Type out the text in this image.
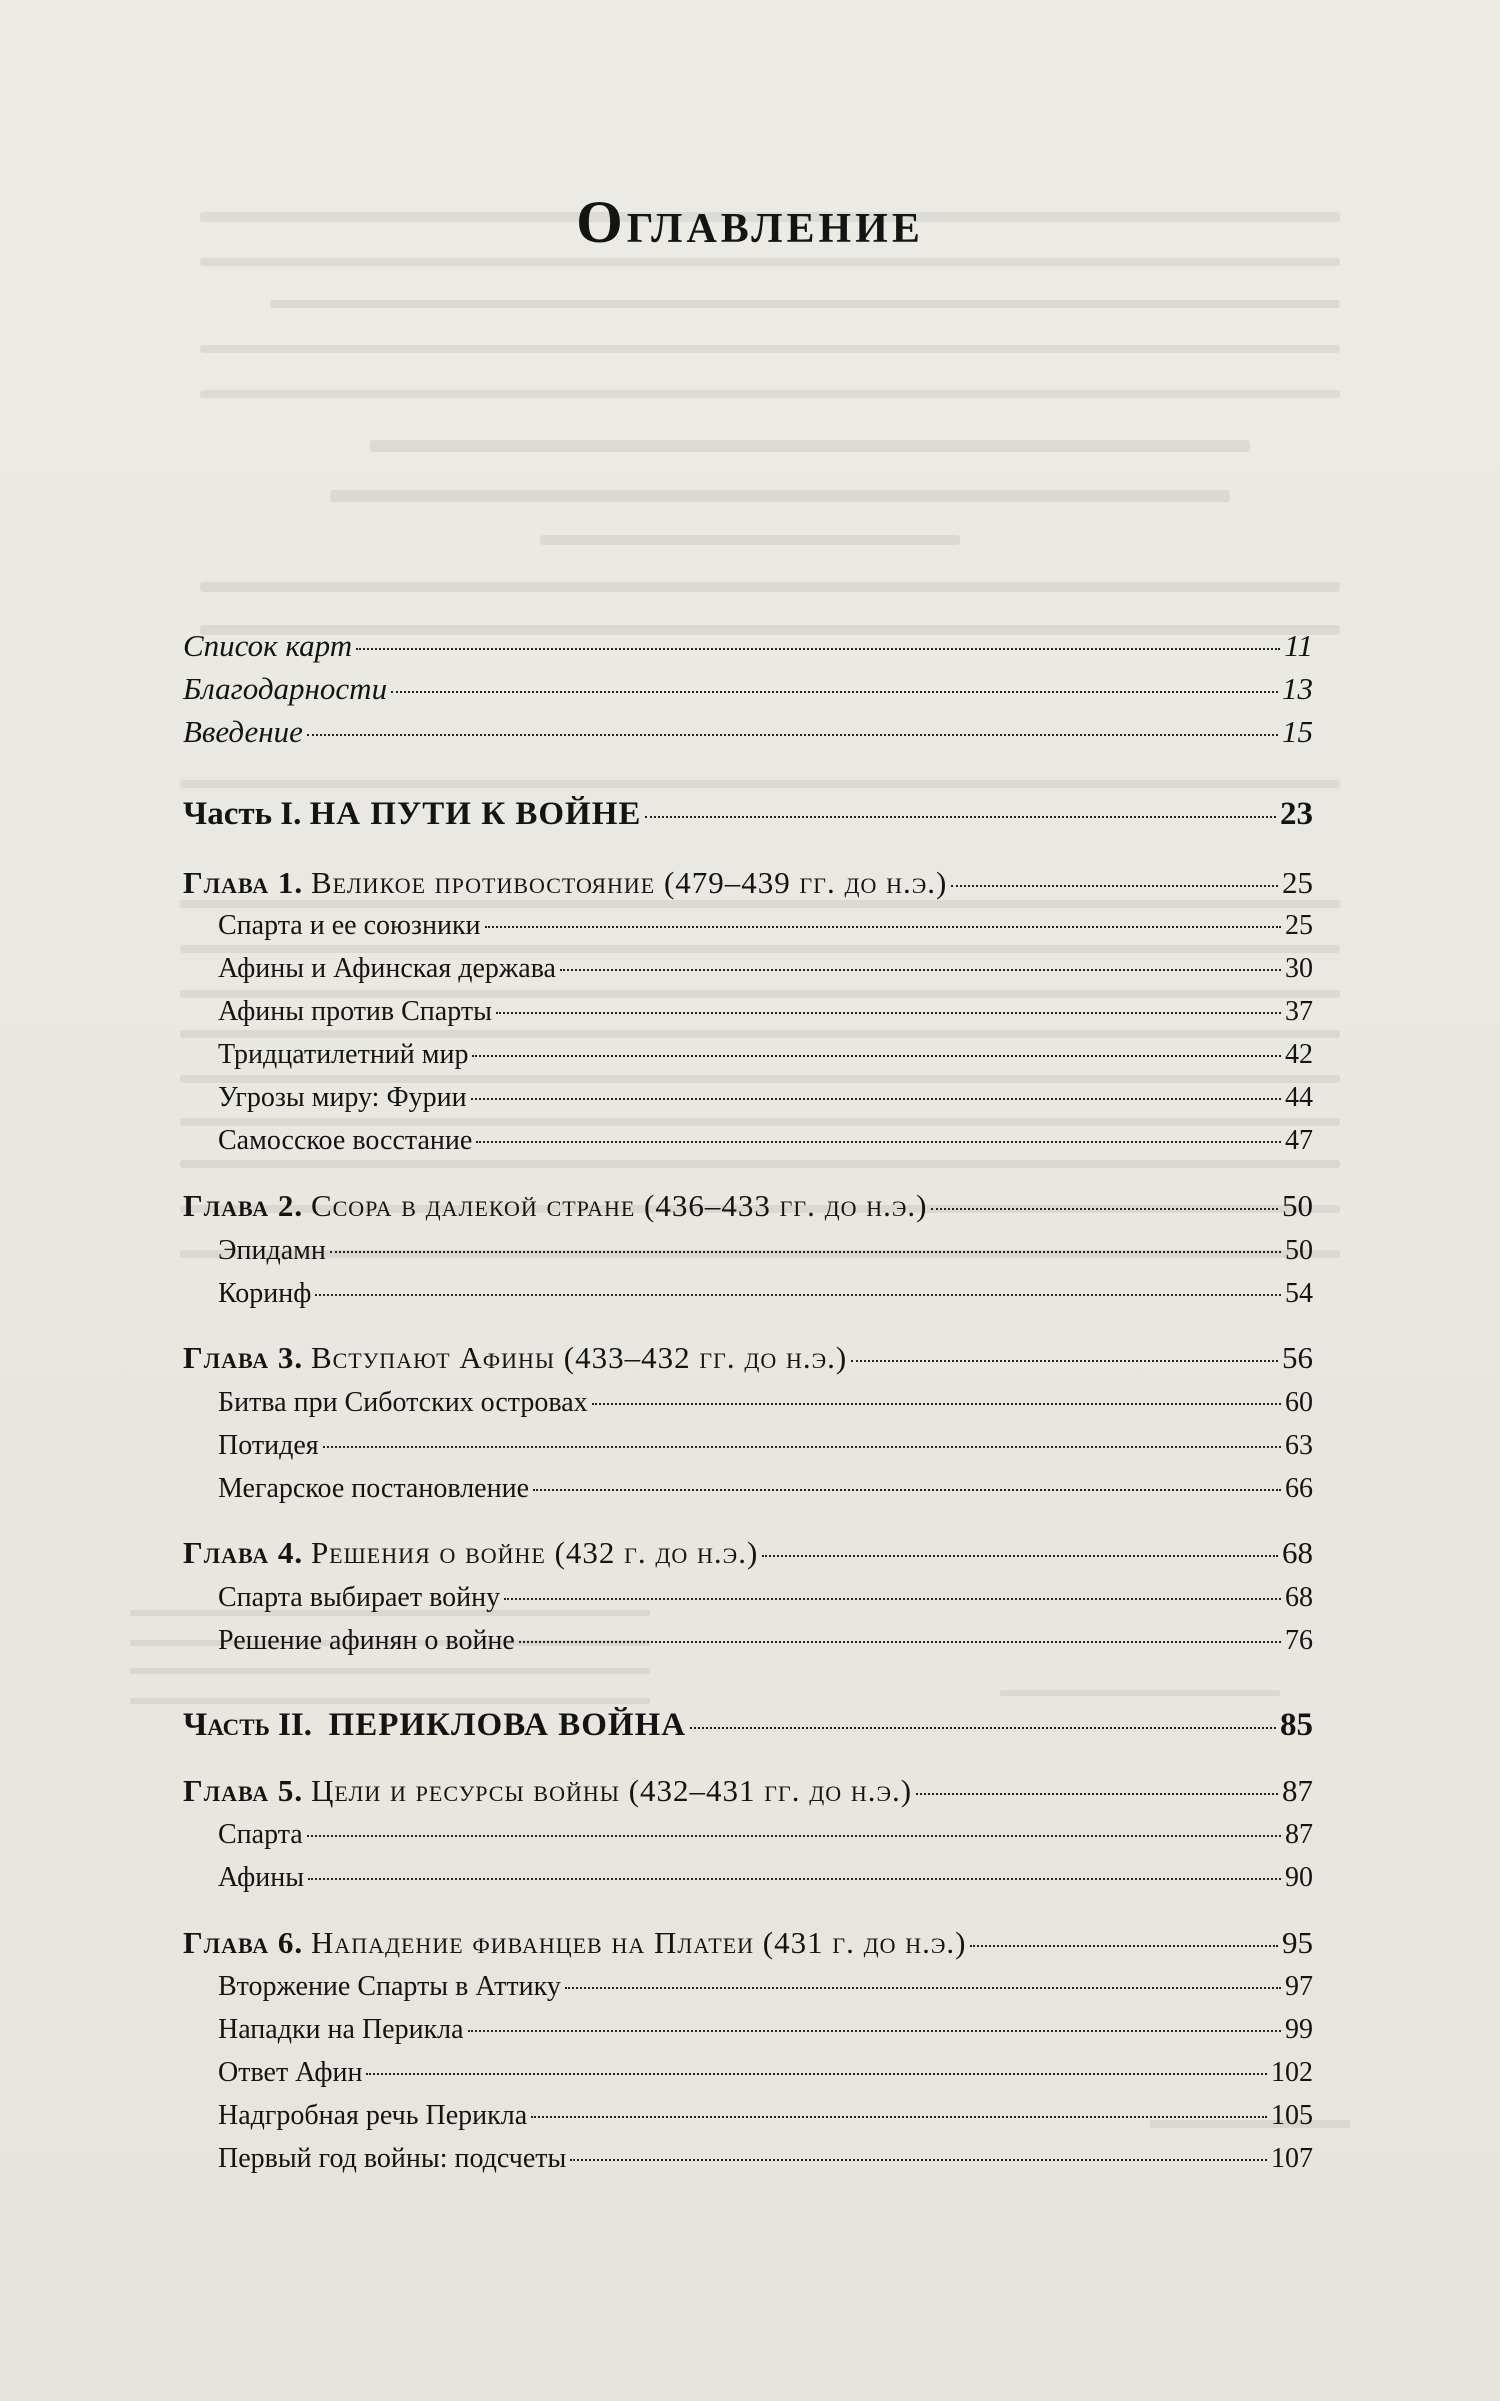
Оглавление
Список карт	11
Благодарности	13
Введение	15
Часть I. НА ПУТИ К ВОЙНЕ	23
Глава 1. Великое противостояние (479–439 гг. до н.э.)	25
Спарта и ее союзники	25
Афины и Афинская держава	30
Афины против Спарты	37
Тридцатилетний мир	42
Угрозы миру: Фурии	44
Самосское восстание	47
Глава 2. Ссора в далекой стране (436–433 гг. до н.э.)	50
Эпидамн	50
Коринф	54
Глава 3. Вступают Афины (433–432 гг. до н.э.)	56
Битва при Сиботских островах	60
Потидея	63
Мегарское постановление	66
Глава 4. Решения о войне (432 г. до н.э.)	68
Спарта выбирает войну	68
Решение афинян о войне	76
Часть II. ПЕРИКЛОВА ВОЙНА	85
Глава 5. Цели и ресурсы войны (432–431 гг. до н.э.)	87
Спарта	87
Афины	90
Глава 6. Нападение фиванцев на Платеи (431 г. до н.э.)	95
Вторжение Спарты в Аттику	97
Нападки на Перикла	99
Ответ Афин	102
Надгробная речь Перикла	105
Первый год войны: подсчеты	107
